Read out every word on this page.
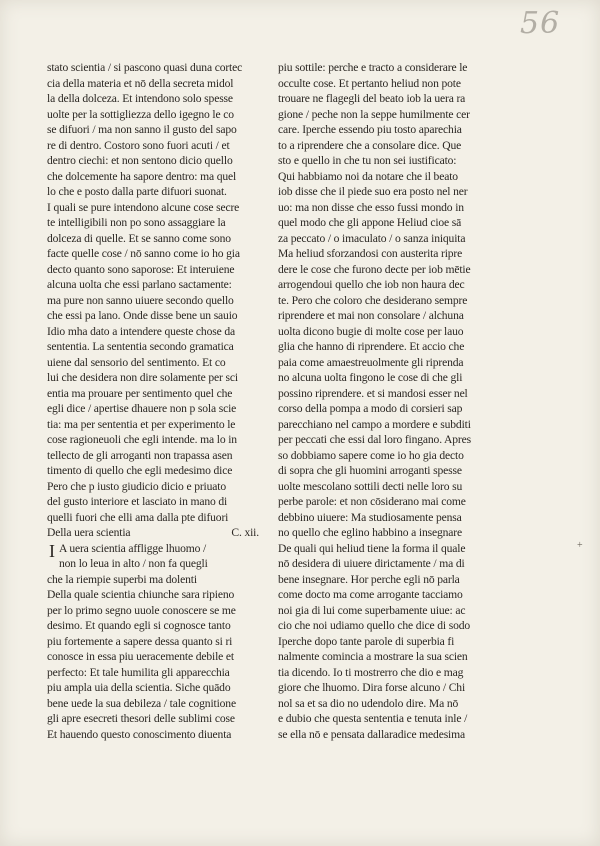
56
stato scientia / si pascono quasi duna cortec
cia della materia et nō della secreta midol
la della dolceza. Et intendono solo spesse
uolte per la sottigliezza dello igegno le co
se difuori / ma non sanno il gusto del sapo
re di dentro. Costoro sono fuori acuti / et
dentro ciechi: et non sentono dicio quello
che dolcemente ha sapore dentro: ma quel
lo che e posto dalla parte difuori suonat.
I quali se pure intendono alcune cose secre
te intelligibili non po sono assaggiare la
dolceza di quelle. Et se sanno come sono
facte quelle cose / nō sanno come io ho gia
decto quanto sono saporose: Et interuiene
alcuna uolta che essi parlano sactamente:
ma pure non sanno uiuere secondo quello
che essi pa lano. Onde disse bene un sauio
Idio mha dato a intendere queste chose da
sententia. La sententia secondo gramatica
uiene dal sensorio del sentimento. Et co
lui che desidera non dire solamente per sci
entia ma prouare per sentimento quel che
egli dice / apertise dhauere non p sola scie
tia: ma per sententia et per experimento le
cose ragioneuoli che egli intende. ma lo in
tellecto de gli arroganti non trapassa asen
timento di quello che egli medesimo dice
Pero che p iusto giudicio dicio e priuato
del gusto interiore et lasciato in mano di
quelli fuori che elli ama dalla pte difuori
Della uera scientia	C. xii.
A uera scientia affligge lhuomo /
non lo leua in alto / non fa quegli
che la riempie superbi ma dolenti
Della quale scientia chiunche sara ripieno
per lo primo segno uuole conoscere se me
desimo. Et quando egli si cognosce tanto
piu fortemente a sapere dessa quanto si ri
conosce in essa piu ueracemente debile et
perfecto: Et tale humilita gli apparecchia
piu ampla uia della scientia. Siche quādo
bene uede la sua debileza / tale cognitione
gli apre esecreti thesori delle sublimi cose
Et hauendo questo conoscimento diuenta
piu sottile: perche e tracto a considerare le
occulte cose. Et pertanto heliud non pote
trouare ne flagegli del beato iob la uera ra
gione / peche non la seppe humilmente cer
care. Iperche essendo piu tosto aparechia
to a riprendere che a consolare dice. Que
sto e quello in che tu non sei iustificato:
Qui habbiamo noi da notare che il beato
iob disse che il piede suo era posto nel ner
uo: ma non disse che esso fussi mondo in
quel modo che gli appone Heliud cioe sā
za peccato / o imaculato / o sanza iniquita
Ma heliud sforzandosi con austerita ripre
dere le cose che furono decte per iob mētie
arrogendoui quello che iob non haura dec
te. Pero che coloro che desiderano sempre
riprendere et mai non consolare / alchuna
uolta dicono bugie di molte cose per lauo
glia che hanno di riprendere. Et accio che
paia come amaestreuolmente gli riprenda
no alcuna uolta fingono le cose di che gli
possino riprendere. et si mandosi esser nel
corso della pompa a modo di corsieri sap
parecchiano nel campo a mordere e subditi
per peccati che essi dal loro fingano. Apres
so dobbiamo sapere come io ho gia decto
di sopra che gli huomini arroganti spesse
uolte mescolano sottili decti nelle loro su
perbe parole: et non cōsiderano mai come
debbino uiuere: Ma studiosamente pensa
no quello che eglino habbino a insegnare
De quali qui heliud tiene la forma il quale
nō desidera di uiuere dirictamente / ma di
bene insegnare. Hor perche egli nō parla
come docto ma come arrogante tacciamo
noi gia di lui come superbamente uiue: ac
cio che noi udiamo quello che dice di sodo
Iperche dopo tante parole di superbia fi
nalmente comincia a mostrare la sua scien
tia dicendo. Io ti mostrerro che dio e mag
giore che lhuomo. Dira forse alcuno / Chi
nol sa et sa dio no udendolo dire. Ma nō
e dubio che questa sententia e tenuta inle /
se ella nō e pensata dallaradice medesima
I	+
